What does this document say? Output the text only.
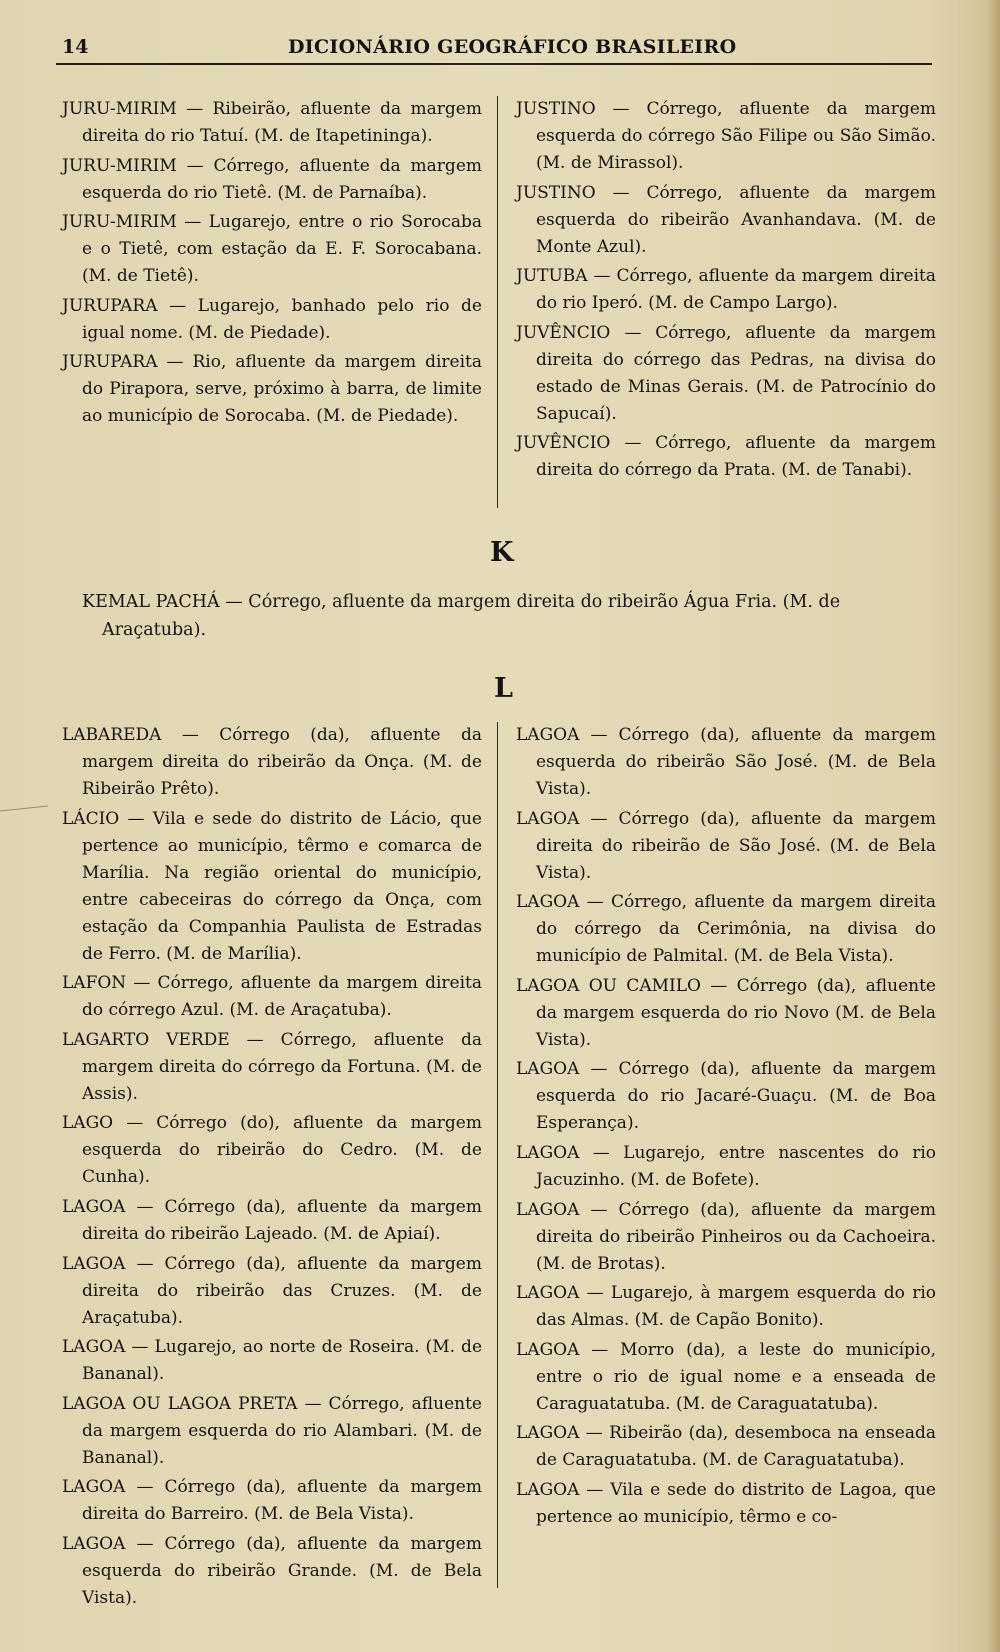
14	DICIONÁRIO GEOGRÁFICO BRASILEIRO

JURU-MIRIM — Ribeirão, afluente da margem direita do rio Tatuí. (M. de Itapetininga).

JURU-MIRIM — Córrego, afluente da margem esquerda do rio Tietê. (M. de Parnaíba).

JURU-MIRIM — Lugarejo, entre o rio Sorocaba e o Tietê, com estação da E. F. Sorocabana. (M. de Tietê).

JURUPARA — Lugarejo, banhado pelo rio de igual nome. (M. de Piedade).

JURUPARA — Rio, afluente da margem direita do Pirapora, serve, próximo à barra, de limite ao município de Sorocaba. (M. de Piedade).

JUSTINO — Córrego, afluente da margem esquerda do córrego São Filipe ou São Simão. (M. de Mirassol).

JUSTINO — Córrego, afluente da margem esquerda do ribeirão Avanhandava. (M. de Monte Azul).

JUTUBA — Córrego, afluente da margem direita do rio Iperó. (M. de Campo Largo).

JUVÊNCIO — Córrego, afluente da margem direita do córrego das Pedras, na divisa do estado de Minas Gerais. (M. de Patrocínio do Sapucaí).

JUVÊNCIO — Córrego, afluente da margem direita do córrego da Prata. (M. de Tanabi).

K
KEMAL PACHÁ — Córrego, afluente da margem direita do ribeirão Água Fria. (M. de Araçatuba).
L

LABAREDA — Córrego (da), afluente da margem direita do ribeirão da Onça. (M. de Ribeirão Prêto).

LÁCIO — Vila e sede do distrito de Lácio, que pertence ao município, têrmo e comarca de Marília. Na região oriental do município, entre cabeceiras do córrego da Onça, com estação da Companhia Paulista de Estradas de Ferro. (M. de Marília).

LAFON — Córrego, afluente da margem direita do córrego Azul. (M. de Araçatuba).

LAGARTO VERDE — Córrego, afluente da margem direita do córrego da Fortuna. (M. de Assis).

LAGO — Córrego (do), afluente da margem esquerda do ribeirão do Cedro. (M. de Cunha).

LAGOA — Córrego (da), afluente da margem direita do ribeirão Lajeado. (M. de Apiaí).

LAGOA — Córrego (da), afluente da margem direita do ribeirão das Cruzes. (M. de Araçatuba).

LAGOA — Lugarejo, ao norte de Roseira. (M. de Bananal).

LAGOA OU LAGOA PRETA — Córrego, afluente da margem esquerda do rio Alambari. (M. de Bananal).

LAGOA — Córrego (da), afluente da margem direita do Barreiro. (M. de Bela Vista).

LAGOA — Córrego (da), afluente da margem esquerda do ribeirão Grande. (M. de Bela Vista).

LAGOA — Córrego (da), afluente da margem esquerda do ribeirão São José. (M. de Bela Vista).

LAGOA — Córrego (da), afluente da margem direita do ribeirão de São José. (M. de Bela Vista).

LAGOA — Córrego, afluente da margem direita do córrego da Cerimônia, na divisa do município de Palmital. (M. de Bela Vista).

LAGOA OU CAMILO — Córrego (da), afluente da margem esquerda do rio Novo (M. de Bela Vista).

LAGOA — Córrego (da), afluente da margem esquerda do rio Jacaré-Guaçu. (M. de Boa Esperança).

LAGOA — Lugarejo, entre nascentes do rio Jacuzinho. (M. de Bofete).

LAGOA — Córrego (da), afluente da margem direita do ribeirão Pinheiros ou da Cachoeira. (M. de Brotas).

LAGOA — Lugarejo, à margem esquerda do rio das Almas. (M. de Capão Bonito).

LAGOA — Morro (da), a leste do município, entre o rio de igual nome e a enseada de Caraguatatuba. (M. de Caraguatatuba).

LAGOA — Ribeirão (da), desemboca na enseada de Caraguatatuba. (M. de Caraguatatuba).

LAGOA — Vila e sede do distrito de Lagoa, que pertence ao município, têrmo e co-
